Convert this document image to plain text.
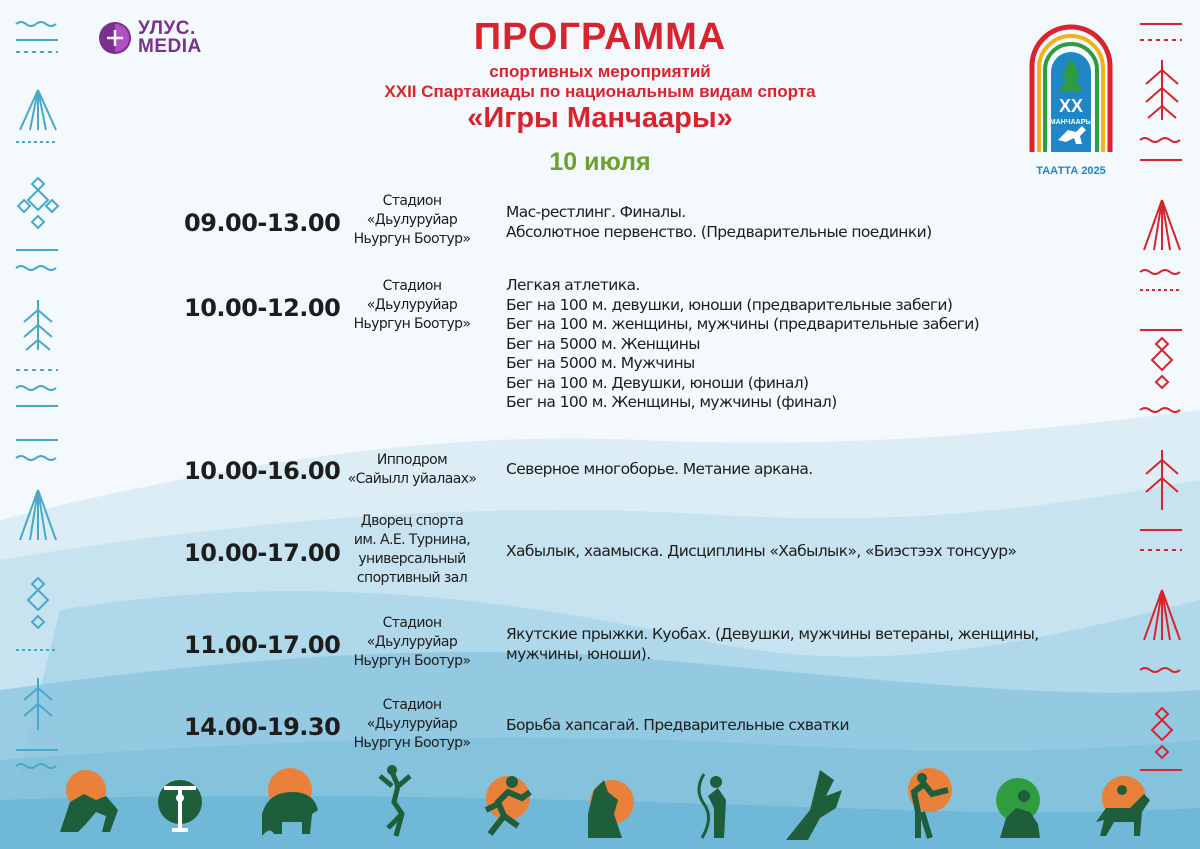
УЛУС.
MEDIA
XX
МАНЧААРЫ
ТААТТА 2025
ПРОГРАММА
спортивных мероприятий
XXII Спартакиады по национальным видам спорта
«Игры Манчаары»
10 июля
09.00-13.00
Стадион
«Дьулуруйар
Ньургун Боотур»
Мас-рестлинг. Финалы.
Абсолютное первенство. (Предварительные поединки)
10.00-12.00
Стадион
«Дьулуруйар
Ньургун Боотур»
Легкая атлетика.
Бег на 100 м. девушки, юноши (предварительные забеги)
Бег на 100 м. женщины, мужчины (предварительные забеги)
Бег на 5000 м. Женщины
Бег на 5000 м. Мужчины
Бег на 100 м. Девушки, юноши (финал)
Бег на 100 м. Женщины, мужчины (финал)
10.00-16.00	Ипподром
«Сайылл уйалаах»
Северное многоборье. Метание аркана.
10.00-17.00
Дворец спорта
им. А.Е. Турнина,
универсальный
спортивный зал
Хабылык, хаамыска. Дисциплины «Хабылык», «Биэстээх тонсуур»
11.00-17.00
Стадион
«Дьулуруйар
Ньургун Боотур»
Якутские прыжки. Куобах. (Девушки, мужчины ветераны, женщины,
мужчины, юноши).
14.00-19.30
Стадион
«Дьулуруйар
Ньургун Боотур»
Борьба хапсагай. Предварительные схватки
